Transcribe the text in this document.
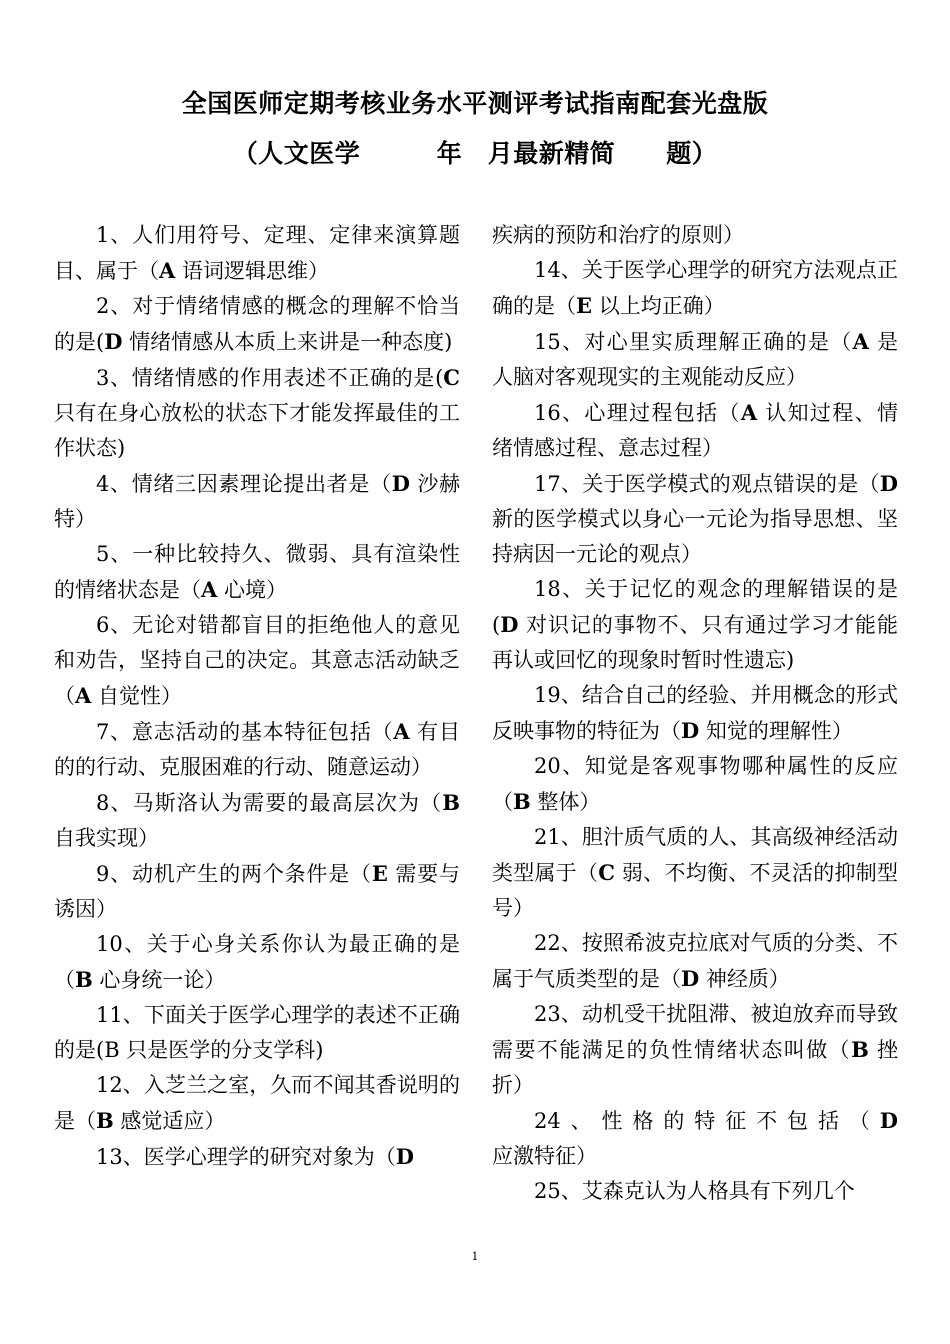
全国医师定期考核业务水平测评考试指南配套光盘版
（人文医学　　　年　月最新精简　　题）

1、人们用符号、定理、定律来演算题目、属于（A 语词逻辑思维）

2、对于情绪情感的概念的理解不恰当的是(D 情绪情感从本质上来讲是一种态度)

3、情绪情感的作用表述不正确的是(C 只有在身心放松的状态下才能发挥最佳的工作状态)

4、情绪三因素理论提出者是（D 沙赫特）

5、一种比较持久、微弱、具有渲染性的情绪状态是（A 心境）

6、无论对错都盲目的拒绝他人的意见和劝告，坚持自己的决定。其意志活动缺乏（A 自觉性）

7、意志活动的基本特征包括（A 有目的的行动、克服困难的行动、随意运动）

8、马斯洛认为需要的最高层次为（B 自我实现）

9、动机产生的两个条件是（E 需要与诱因）

10、关于心身关系你认为最正确的是（B 心身统一论）

11、下面关于医学心理学的表述不正确的是(B 只是医学的分支学科)

12、入芝兰之室，久而不闻其香说明的是（B 感觉适应）

13、医学心理学的研究对象为（D

疾病的预防和治疗的原则）

14、关于医学心理学的研究方法观点正确的是（E 以上均正确）

15、对心里实质理解正确的是（A 是人脑对客观现实的主观能动反应）

16、心理过程包括（A 认知过程、情绪情感过程、意志过程）

17、关于医学模式的观点错误的是（D 新的医学模式以身心一元论为指导思想、坚持病因一元论的观点）

18、关于记忆的观念的理解错误的是(D 对识记的事物不、只有通过学习才能能再认或回忆的现象时暂时性遗忘)

19、结合自己的经验、并用概念的形式反映事物的特征为（D 知觉的理解性）

20、知觉是客观事物哪种属性的反应（B 整体）

21、胆汁质气质的人、其高级神经活动类型属于（C 弱、不均衡、不灵活的抑制型号）

22、按照希波克拉底对气质的分类、不属于气质类型的是（D 神经质）

23、动机受干扰阻滞、被迫放弃而导致需要不能满足的负性情绪状态叫做（B 挫折）

24、性格的特征不包括（D 应激特征）

25、艾森克认为人格具有下列几个

1
